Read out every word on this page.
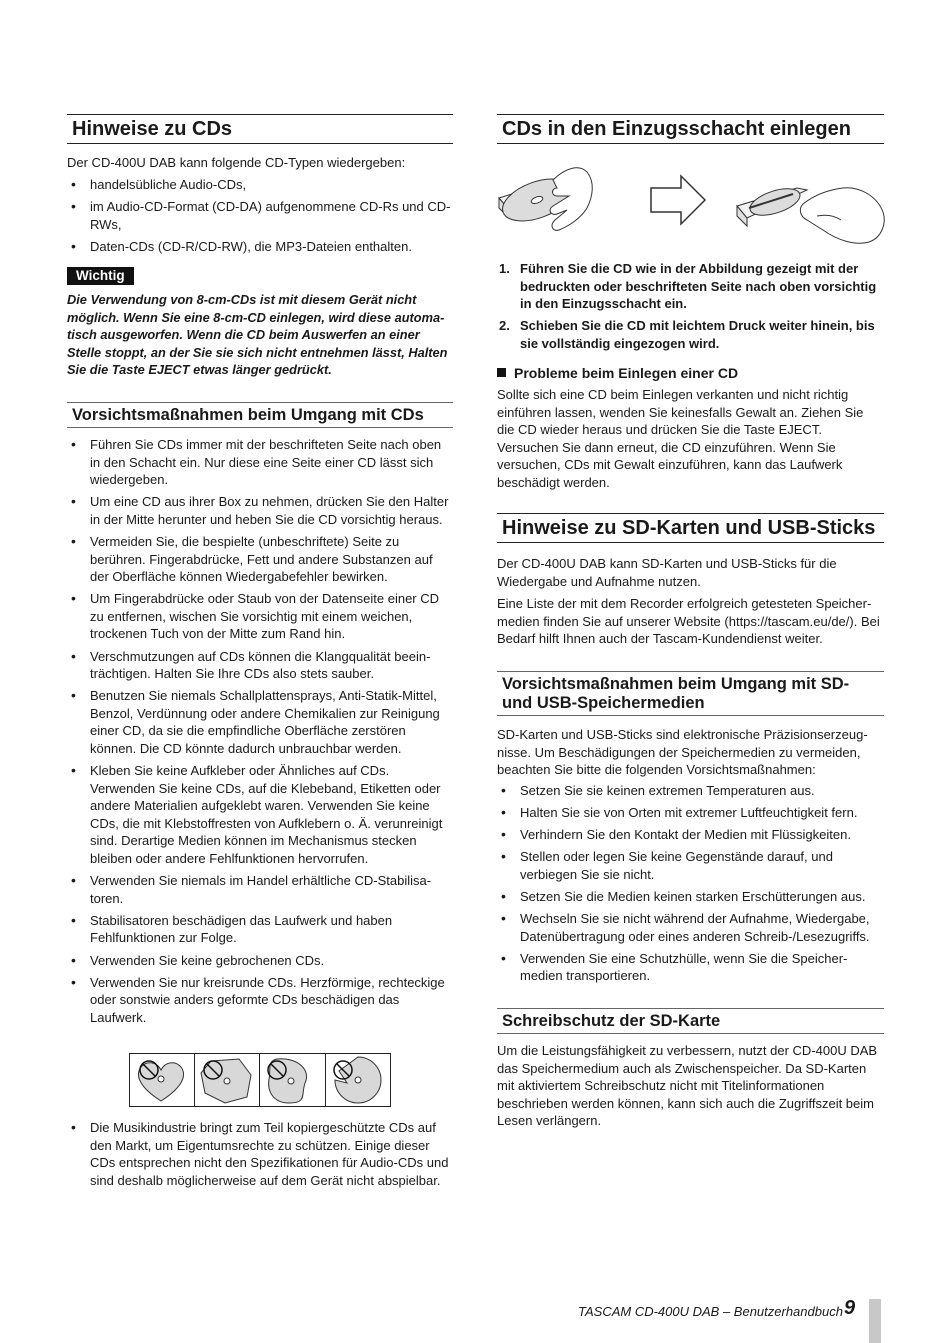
Hinweise zu CDs

Der CD-400U DAB kann folgende CD-Typen wiedergeben:

• handelsübliche Audio-CDs,
• im Audio-CD-Format (CD-DA) aufgenommene CD-Rs und CD-RWs,
• Daten-CDs (CD-R/CD-RW), die MP3-Dateien enthalten.
Wichtig

Die Verwendung von 8-cm-CDs ist mit diesem Gerät nicht möglich. Wenn Sie eine 8-cm-CD einlegen, wird diese automatisch ausgeworfen. Wenn die CD beim Auswerfen an einer Stelle stoppt, an der Sie sie sich nicht entnehmen lässt, Halten Sie die Taste EJECT etwas länger gedrückt.

Vorsichtsmaßnahmen beim Umgang mit CDs
• Führen Sie CDs immer mit der beschrifteten Seite nach oben in den Schacht ein. Nur diese eine Seite einer CD lässt sich wiedergeben.
• Um eine CD aus ihrer Box zu nehmen, drücken Sie den Halter in der Mitte herunter und heben Sie die CD vorsichtig heraus.
• Vermeiden Sie, die bespielte (unbeschriftete) Seite zu berühren. Fingerabdrücke, Fett und andere Substanzen auf der Oberfläche können Wiedergabefehler bewirken.
• Um Fingerabdrücke oder Staub von der Datenseite einer CD zu entfernen, wischen Sie vorsichtig mit einem weichen, trockenen Tuch von der Mitte zum Rand hin.
• Verschmutzungen auf CDs können die Klangqualität beeinträchtigen. Halten Sie Ihre CDs also stets sauber.
• Benutzen Sie niemals Schallplattensprays, Anti-Statik-Mittel, Benzol, Verdünnung oder andere Chemikalien zur Reinigung einer CD, da sie die empfindliche Oberfläche zerstören können. Die CD könnte dadurch unbrauchbar werden.
• Kleben Sie keine Aufkleber oder Ähnliches auf CDs. Verwenden Sie keine CDs, auf die Klebeband, Etiketten oder andere Materialien aufgeklebt waren. Verwenden Sie keine CDs, die mit Klebstoffresten von Aufklebern o. Ä. verunreinigt sind. Derartige Medien können im Mechanismus stecken bleiben oder andere Fehlfunktionen hervorrufen.
• Verwenden Sie niemals im Handel erhältliche CD-Stabilisatoren.
• Stabilisatoren beschädigen das Laufwerk und haben Fehlfunktionen zur Folge.
• Verwenden Sie keine gebrochenen CDs.
• Verwenden Sie nur kreisrunde CDs. Herzförmige, rechteckige oder sonstwie anders geformte CDs beschädigen das Laufwerk.
• Die Musikindustrie bringt zum Teil kopiergeschützte CDs auf den Markt, um Eigentumsrechte zu schützen. Einige dieser CDs entsprechen nicht den Spezifikationen für Audio-CDs und sind deshalb möglicherweise auf dem Gerät nicht abspielbar.
CDs in den Einzugsschacht einlegen
1. Führen Sie die CD wie in der Abbildung gezeigt mit der bedruckten oder beschrifteten Seite nach oben vorsichtig in den Einzugsschacht ein.
2. Schieben Sie die CD mit leichtem Druck weiter hinein, bis sie vollständig eingezogen wird.
Probleme beim Einlegen einer CD

Sollte sich eine CD beim Einlegen verkanten und nicht richtig einführen lassen, wenden Sie keinesfalls Gewalt an. Ziehen Sie die CD wieder heraus und drücken Sie die Taste EJECT. Versuchen Sie dann erneut, die CD einzuführen. Wenn Sie versuchen, CDs mit Gewalt einzuführen, kann das Laufwerk beschädigt werden.

Hinweise zu SD-Karten und USB-Sticks

Der CD-400U DAB kann SD-Karten und USB-Sticks für die Wiedergabe und Aufnahme nutzen.

Eine Liste der mit dem Recorder erfolgreich getesteten Speichermedien finden Sie auf unserer Website (https://tascam.eu/de/). Bei Bedarf hilft Ihnen auch der Tascam-Kundendienst weiter.

Vorsichtsmaßnahmen beim Umgang mit SD- und USB-Speichermedien

SD-Karten und USB-Sticks sind elektronische Präzisionserzeugnisse. Um Beschädigungen der Speichermedien zu vermeiden, beachten Sie bitte die folgenden Vorsichtsmaßnahmen:

• Setzen Sie sie keinen extremen Temperaturen aus.
• Halten Sie sie von Orten mit extremer Luftfeuchtigkeit fern.
• Verhindern Sie den Kontakt der Medien mit Flüssigkeiten.
• Stellen oder legen Sie keine Gegenstände darauf, und verbiegen Sie sie nicht.
• Setzen Sie die Medien keinen starken Erschütterungen aus.
• Wechseln Sie sie nicht während der Aufnahme, Wiedergabe, Datenübertragung oder eines anderen Schreib-/Lesezugriffs.
• Verwenden Sie eine Schutzhülle, wenn Sie die Speichermedien transportieren.
Schreibschutz der SD-Karte

Um die Leistungsfähigkeit zu verbessern, nutzt der CD-400U DAB das Speichermedium auch als Zwischenspeicher. Da SD-Karten mit aktiviertem Schreibschutz nicht mit Titelinformationen beschrieben werden können, kann sich auch die Zugriffszeit beim Lesen verlängern.

TASCAM CD-400U DAB – Benutzerhandbuch 9
